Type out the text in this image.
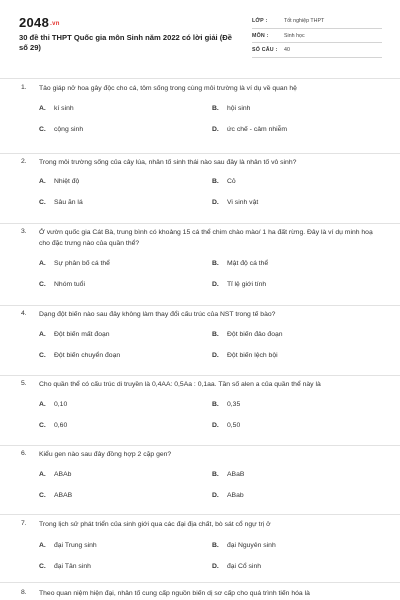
2048.vn
30 đề thi THPT Quốc gia môn Sinh năm 2022 có lời giải (Đề số 29)
LỚP :	Tốt nghiệp THPT
MÔN :	Sinh học
SỐ CÂU : 40
1. Tảo giáp nở hoa gây độc cho cá, tôm sống trong cùng môi trường là ví dụ về quan hệ
A. kí sinh	B. hội sinh
C. cộng sinh	D. ức chế - cảm nhiễm
2. Trong môi trường sống của cây lúa, nhân tố sinh thái nào sau đây là nhân tố vô sinh?
A. Nhiệt độ	B. Cỏ
C. Sâu ăn lá	D. Vi sinh vật
3. Ở vườn quốc gia Cát Bà, trung bình có khoảng 15 cá thể chim chào mào/ 1 ha đất rừng. Đây là ví dụ minh hoạ cho đặc trưng nào của quần thể?
A. Sự phân bố cá thể	B. Mật độ cá thể
C. Nhóm tuổi	D. Tỉ lệ giới tính
4. Dạng đột biến nào sau đây không làm thay đổi cấu trúc của NST trong tế bào?
A. Đột biến mất đoạn	B. Đột biến đảo đoạn
C. Đột biến chuyển đoạn	D. Đột biến lệch bội
5. Cho quần thể có cấu trúc di truyền là 0,4AA: 0,5Aa : 0,1aa. Tần số alen a của quần thể này là
A. 0,10	B. 0,35
C. 0,60	D. 0,50
6. Kiểu gen nào sau đây đồng hợp 2 cặp gen?
A. ABAb	B. ABaB
C. ABAB	D. ABab
7. Trong lịch sử phát triển của sinh giới qua các đại địa chất, bò sát cổ ngự trị ở
A. đại Trung sinh	B. đại Nguyên sinh
C. đại Tân sinh	D. đại Cổ sinh
8. Theo quan niệm hiện đại, nhân tố cung cấp nguồn biến dị sơ cấp cho quá trình tiến hóa là
